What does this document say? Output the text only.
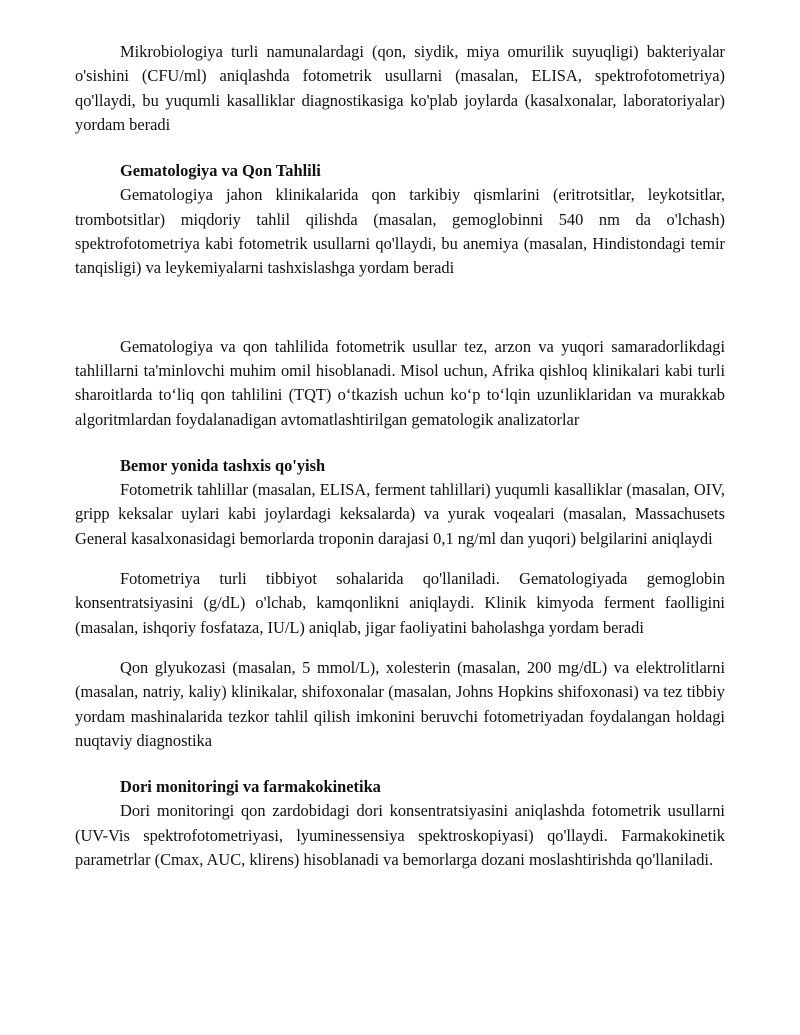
Mikrobiologiya turli namunalardagi (qon, siydik, miya omurilik suyuqligi) bakteriyalar o'sishini (CFU/ml) aniqlashda fotometrik usullarni (masalan, ELISA, spektrofotometriya) qo'llaydi, bu yuqumli kasalliklar diagnostikasiga ko'plab joylarda (kasalxonalar, laboratoriyalar) yordam beradi

Gematologiya va Qon Tahlili

Gematologiya jahon klinikalarida qon tarkibiy qismlarini (eritrotsitlar, leykotsitlar, trombotsitlar) miqdoriy tahlil qilishda (masalan, gemoglobinni 540 nm da o'lchash) spektrofotometriya kabi fotometrik usullarni qo'llaydi, bu anemiya (masalan, Hindistondagi temir tanqisligi) va leykemiyalarni tashxislashga yordam beradi

Gematologiya va qon tahlilida fotometrik usullar tez, arzon va yuqori samaradorlikdagi tahlillarni ta'minlovchi muhim omil hisoblanadi. Misol uchun, Afrika qishloq klinikalari kabi turli sharoitlarda to‘liq qon tahlilini (TQT) o‘tkazish uchun ko‘p to‘lqin uzunliklaridan va murakkab algoritmlardan foydalanadigan avtomatlashtirilgan gematologik analizatorlar

Bemor yonida tashxis qo'yish

Fotometrik tahlillar (masalan, ELISA, ferment tahlillari) yuqumli kasalliklar (masalan, OIV, gripp keksalar uylari kabi joylardagi keksalarda) va yurak voqealari (masalan, Massachusets General kasalxonasidagi bemorlarda troponin darajasi 0,1 ng/ml dan yuqori) belgilarini aniqlaydi

Fotometriya turli tibbiyot sohalarida qo'llaniladi. Gematologiyada gemoglobin konsentratsiyasini (g/dL) o'lchab, kamqonlikni aniqlaydi. Klinik kimyoda ferment faolligini (masalan, ishqoriy fosfataza, IU/L) aniqlab, jigar faoliyatini baholashga yordam beradi

Qon glyukozasi (masalan, 5 mmol/L), xolesterin (masalan, 200 mg/dL) va elektrolitlarni (masalan, natriy, kaliy) klinikalar, shifoxonalar (masalan, Johns Hopkins shifoxonasi) va tez tibbiy yordam mashinalarida tezkor tahlil qilish imkonini beruvchi fotometriyadan foydalangan holdagi nuqtaviy diagnostika

Dori monitoringi va farmakokinetika

Dori monitoringi qon zardobidagi dori konsentratsiyasini aniqlashda fotometrik usullarni (UV-Vis spektrofotometriyasi, lyuminessensiya spektroskopiyasi) qo'llaydi. Farmakokinetik parametrlar (Cmax, AUC, klirens) hisoblanadi va bemorlarga dozani moslashtirishda qo'llaniladi.
